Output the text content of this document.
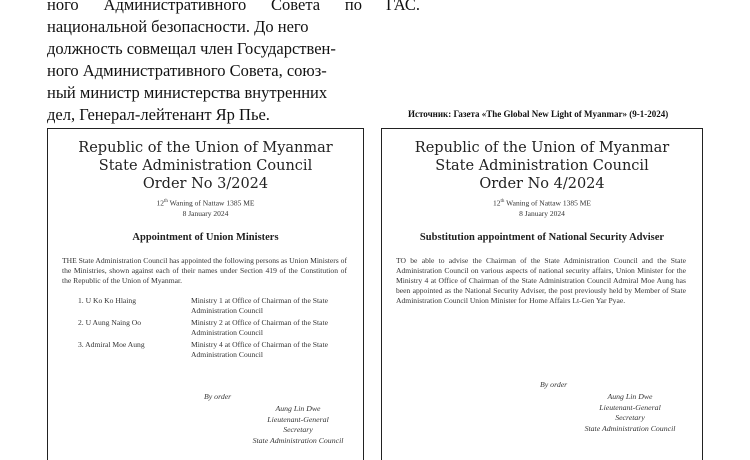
ного Административного Совета по
национальной безопасности. До него
должность совмещал член Государствен-
ного Административного Совета, союз-
ный министр министерства внутренних
дел, Генерал-лейтенант Яр Пье.
ГАС.
Источник: Газета «The Global New Light of Myanmar» (9-1-2024)
Republic of the Union of Myanmar
State Administration Council
Order No 3/2024
12th Waning of Nattaw 1385 ME
8 January 2024
Appointment of Union Ministers
THE State Administration Council has appointed the following persons as Union Ministers of the Ministries, shown against each of their names under Section 419 of the Constitution of the Republic of the Union of Myanmar.
1. U Ko Ko Hlaing	Ministry 1 at Office of Chairman of the State Administration Council
2. U Aung Naing Oo	Ministry 2 at Office of Chairman of the State Administration Council
3. Admiral Moe Aung	Ministry 4 at Office of Chairman of the State Administration Council
By order
Aung Lin Dwe
Lieutenant-General
Secretary
State Administration Council
Republic of the Union of Myanmar
State Administration Council
Order No 4/2024
12th Waning of Nattaw 1385 ME
8 January 2024
Substitution appointment of National Security Adviser
TO be able to advise the Chairman of the State Administration Council and the State Administration Council on various aspects of national security affairs, Union Minister for the Ministry 4 at Office of Chairman of the State Administration Council Admiral Moe Aung has been appointed as the National Security Adviser, the post previously held by Member of State Administration Council Union Minister for Home Affairs Lt-Gen Yar Pyae.
By order
Aung Lin Dwe
Lieutenant-General
Secretary
State Administration Council
